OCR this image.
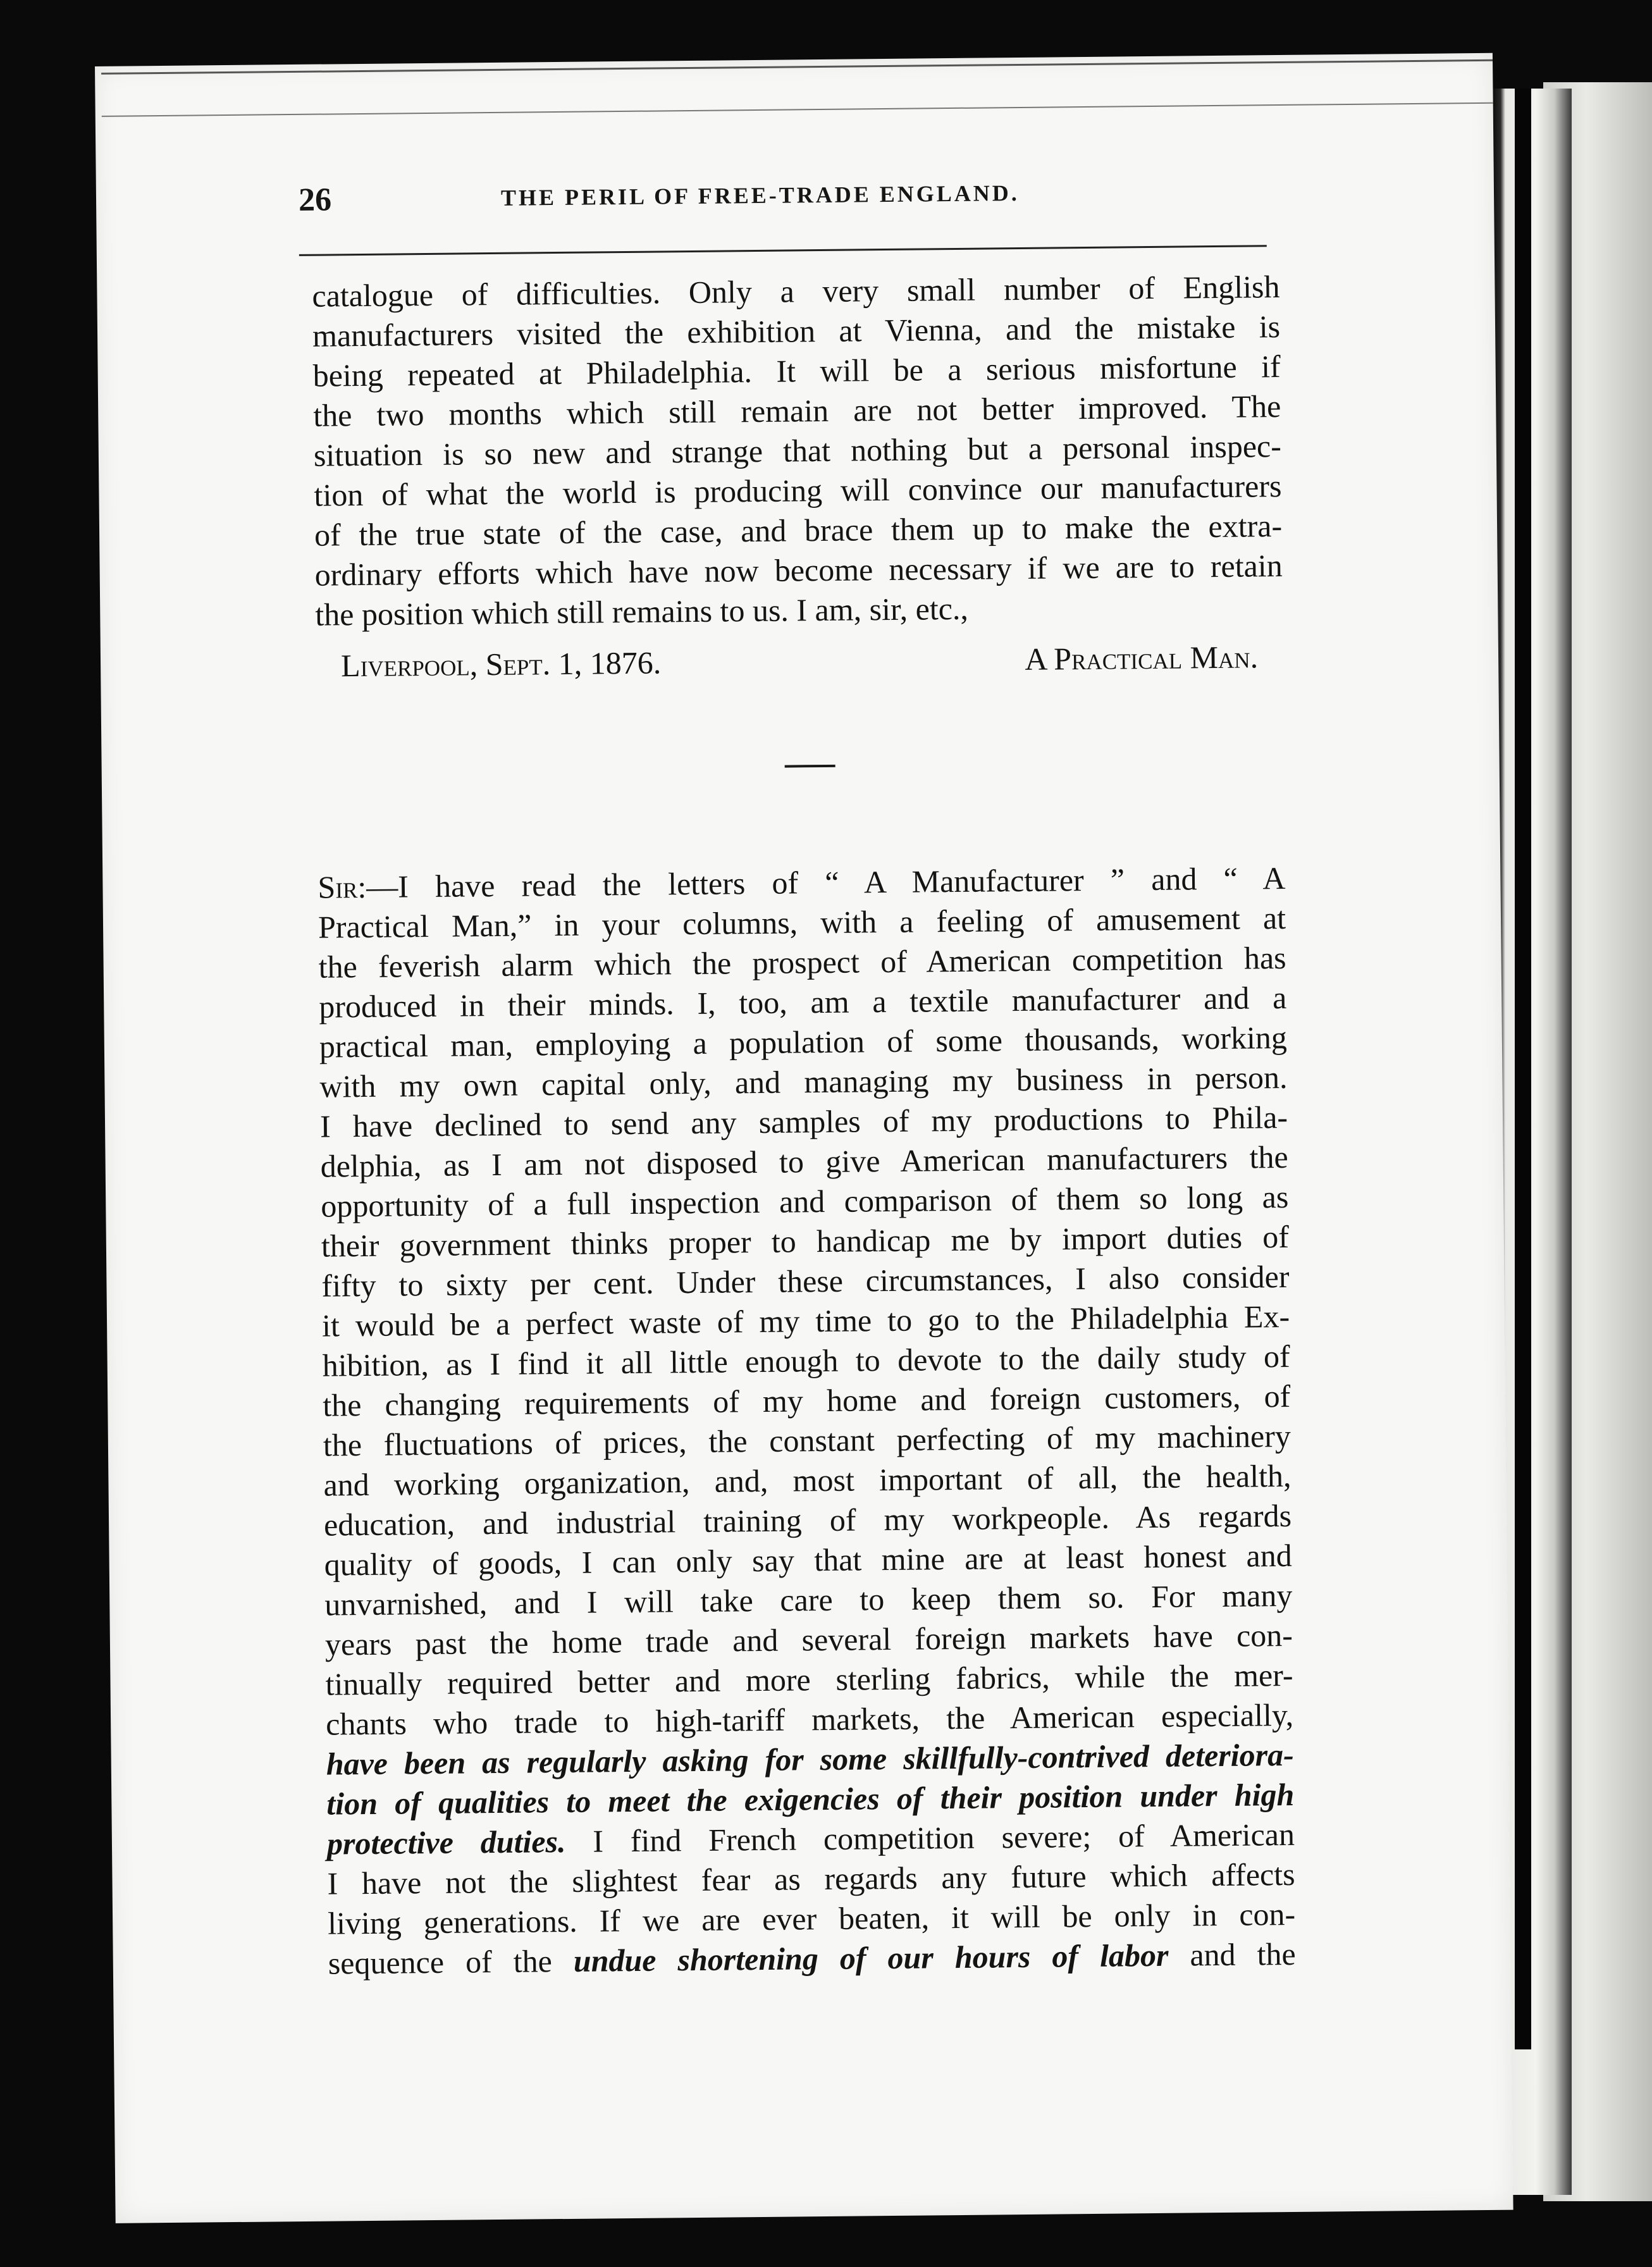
26	THE PERIL OF FREE-TRADE ENGLAND.
catalogue of difficulties. Only a very small number of English
manufacturers visited the exhibition at Vienna, and the mistake is
being repeated at Philadelphia. It will be a serious misfortune if
the two months which still remain are not better improved. The
situation is so new and strange that nothing but a personal inspec-
tion of what the world is producing will convince our manufacturers
of the true state of the case, and brace them up to make the extra-
ordinary efforts which have now become necessary if we are to retain
the position which still remains to us. I am, sir, etc.,
Liverpool, Sept. 1, 1876.	A Practical Man.
Sir:—I have read the letters of “ A Manufacturer ” and “ A
Practical Man,” in your columns, with a feeling of amusement at
the feverish alarm which the prospect of American competition has
produced in their minds. I, too, am a textile manufacturer and a
practical man, employing a population of some thousands, working
with my own capital only, and managing my business in person.
I have declined to send any samples of my productions to Phila-
delphia, as I am not disposed to give American manufacturers the
opportunity of a full inspection and comparison of them so long as
their government thinks proper to handicap me by import duties of
fifty to sixty per cent. Under these circumstances, I also consider
it would be a perfect waste of my time to go to the Philadelphia Ex-
hibition, as I find it all little enough to devote to the daily study of
the changing requirements of my home and foreign customers, of
the fluctuations of prices, the constant perfecting of my machinery
and working organization, and, most important of all, the health,
education, and industrial training of my workpeople. As regards
quality of goods, I can only say that mine are at least honest and
unvarnished, and I will take care to keep them so. For many
years past the home trade and several foreign markets have con-
tinually required better and more sterling fabrics, while the mer-
chants who trade to high-tariff markets, the American especially,
have been as regularly asking for some skillfully-contrived deteriora-
tion of qualities to meet the exigencies of their position under high
protective duties. I find French competition severe; of American
I have not the slightest fear as regards any future which affects
living generations. If we are ever beaten, it will be only in con-
sequence of the undue shortening of our hours of labor and the
